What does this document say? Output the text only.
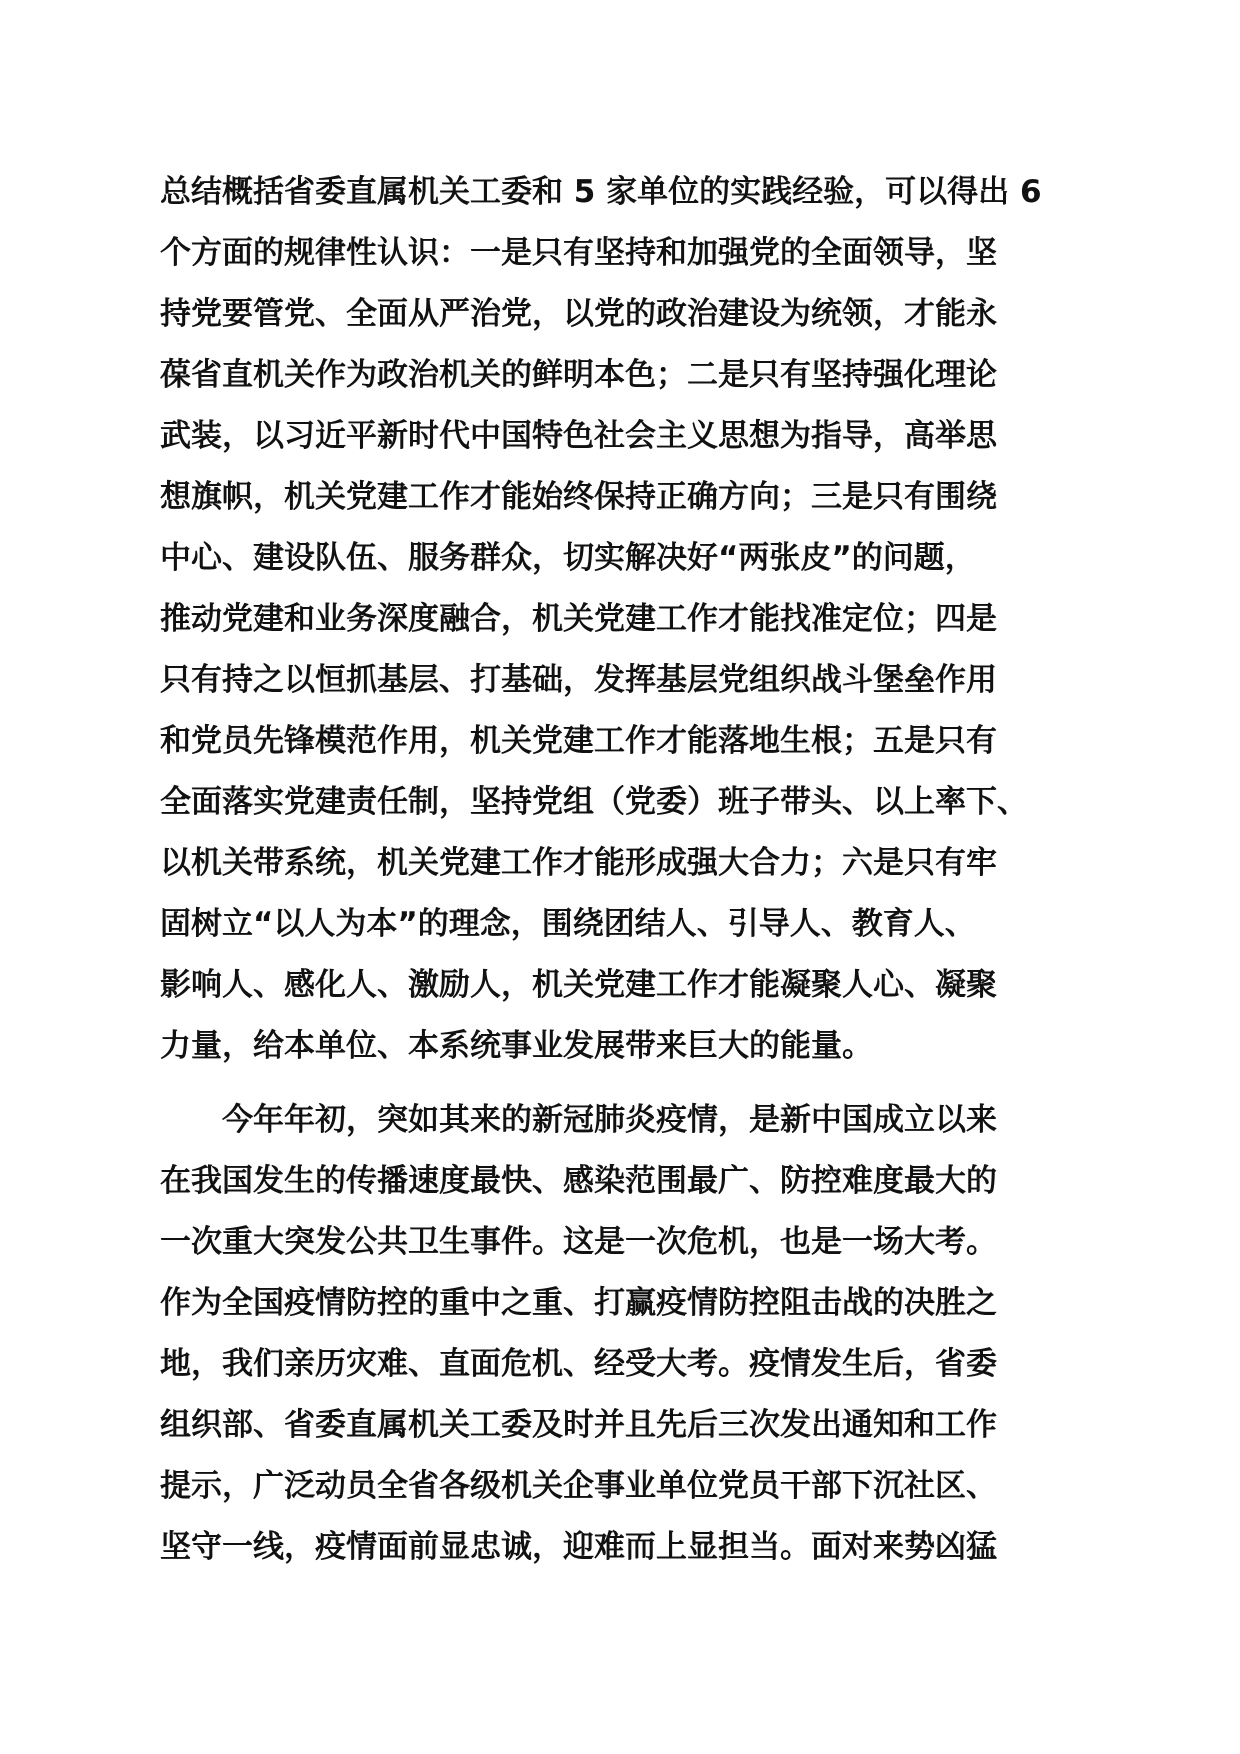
总结概括省委直属机关工委和 5 家单位的实践经验，可以得出 6
个方面的规律性认识：一是只有坚持和加强党的全面领导，坚
持党要管党、全面从严治党，以党的政治建设为统领，才能永
葆省直机关作为政治机关的鲜明本色；二是只有坚持强化理论
武装，以习近平新时代中国特色社会主义思想为指导，高举思
想旗帜，机关党建工作才能始终保持正确方向；三是只有围绕
中心、建设队伍、服务群众，切实解决好“两张皮”的问题，
推动党建和业务深度融合，机关党建工作才能找准定位；四是
只有持之以恒抓基层、打基础，发挥基层党组织战斗堡垒作用
和党员先锋模范作用，机关党建工作才能落地生根；五是只有
全面落实党建责任制，坚持党组（党委）班子带头、以上率下、
以机关带系统，机关党建工作才能形成强大合力；六是只有牢
固树立“以人为本”的理念，围绕团结人、引导人、教育人、
影响人、感化人、激励人，机关党建工作才能凝聚人心、凝聚
力量，给本单位、本系统事业发展带来巨大的能量。
今年年初，突如其来的新冠肺炎疫情，是新中国成立以来
在我国发生的传播速度最快、感染范围最广、防控难度最大的
一次重大突发公共卫生事件。这是一次危机，也是一场大考。
作为全国疫情防控的重中之重、打赢疫情防控阻击战的决胜之
地，我们亲历灾难、直面危机、经受大考。疫情发生后，省委
组织部、省委直属机关工委及时并且先后三次发出通知和工作
提示，广泛动员全省各级机关企事业单位党员干部下沉社区、
坚守一线，疫情面前显忠诚，迎难而上显担当。面对来势凶猛
